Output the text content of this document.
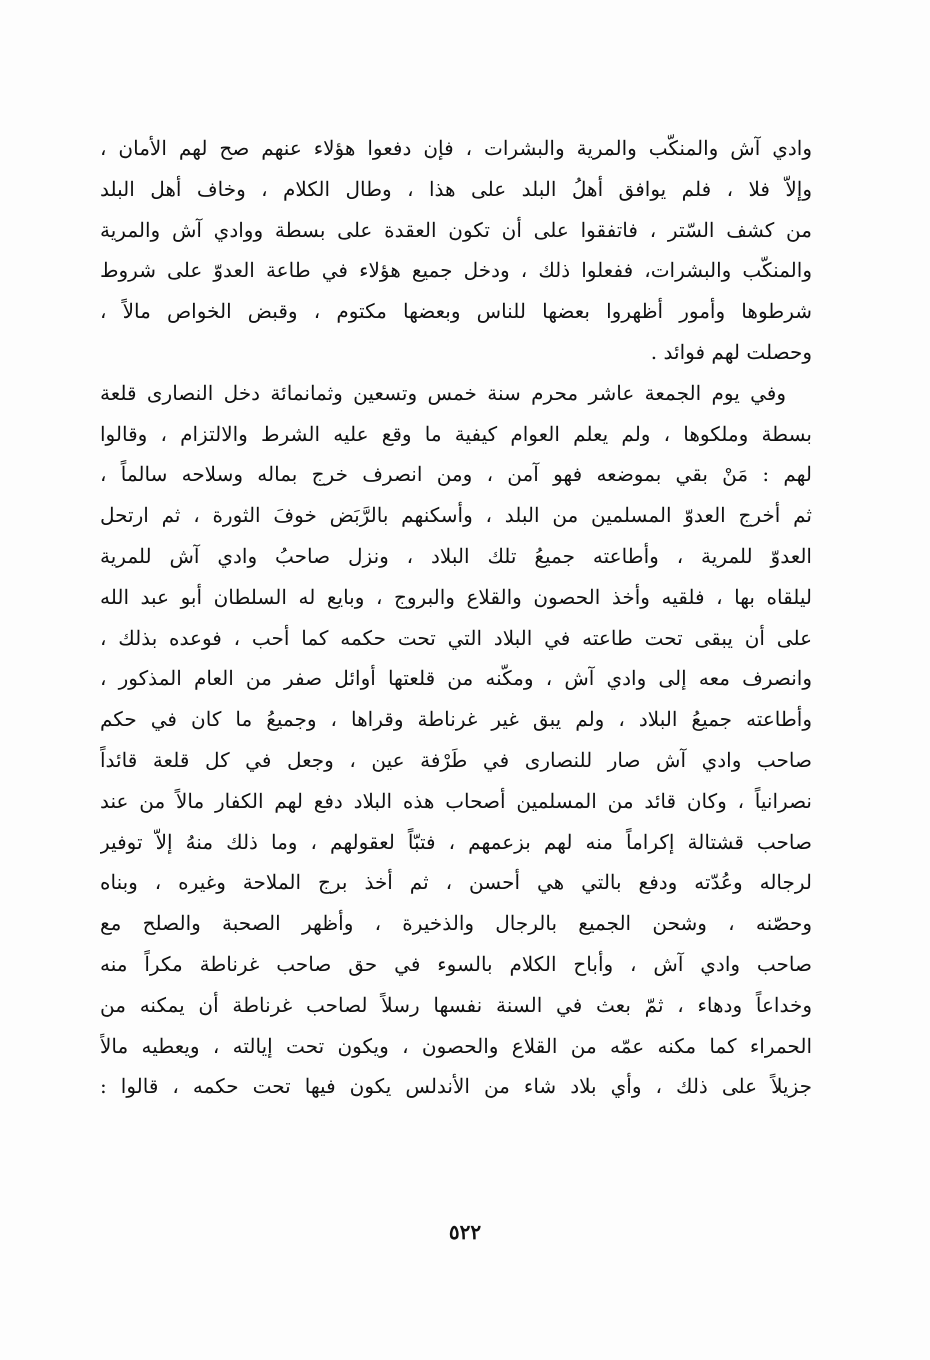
وادي آش والمنكّب والمرية والبشرات ، فإن دفعوا هؤلاء عنهم صح لهم الأمان ،
وإلاّ فلا ، فلم يوافق أهلُ البلد على هذا ، وطال الكلام ، وخاف أهل البلد
من كشف السّتر ، فاتفقوا على أن تكون العقدة على بسطة ووادي آش والمرية
والمنكّب والبشرات، ففعلوا ذلك ، ودخل جميع هؤلاء في طاعة العدوّ على شروط
شرطوها وأمور أظهروا بعضها للناس وبعضها مكتوم ، وقبض الخواص مالاً ،
وحصلت لهم فوائد .
وفي يوم الجمعة عاشر محرم سنة خمس وتسعين وثمانمائة دخل النصارى قلعة
بسطة وملكوها ، ولم يعلم العوام كيفية ما وقع عليه الشرط والالتزام ، وقالوا
لهم : مَنْ بقي بموضعه فهو آمن ، ومن انصرف خرج بماله وسلاحه سالماً ،
ثم أخرج العدوّ المسلمين من البلد ، وأسكنهم بالرَّبَض خوفَ الثورة ، ثم ارتحل
العدوّ للمرية ، وأطاعته جميعُ تلك البلاد ، ونزل صاحبُ وادي آش للمرية
ليلقاه بها ، فلقيه وأخذ الحصون والقلاع والبروج ، وبايع له السلطان أبو عبد الله
على أن يبقى تحت طاعته في البلاد التي تحت حكمه كما أحب ، فوعده بذلك ،
وانصرف معه إلى وادي آش ، ومكّنه من قلعتها أوائل صفر من العام المذكور ،
وأطاعته جميعُ البلاد ، ولم يبق غير غرناطة وقراها ، وجميعُ ما كان في حكم
صاحب وادي آش صار للنصارى في طَرْفة عين ، وجعل في كل قلعة قائداً
نصرانياً ، وكان قائد من المسلمين أصحاب هذه البلاد دفع لهم الكفار مالاً من عند
صاحب قشتالة إكراماً منه لهم بزعمهم ، فتبّاً لعقولهم ، وما ذلك منهُ إلاّ توفير
لرجاله وعُدّته ودفع بالتي هي أحسن ، ثم أخذ برج الملاحة وغيره ، وبناه
وحصّنه ، وشحن الجميع بالرجال والذخيرة ، وأظهر الصحبة والصلح مع
صاحب وادي آش ، وأباح الكلام بالسوء في حق صاحب غرناطة مكراً منه
وخداعاً ودهاء ، ثمّ بعث في السنة نفسها رسلاً لصاحب غرناطة أن يمكنه من
الحمراء كما مكنه عمّه من القلاع والحصون ، ويكون تحت إيالته ، ويعطيه مالاً
جزيلاً على ذلك ، وأي بلاد شاء من الأندلس يكون فيها تحت حكمه ، قالوا :
٥٢٢
